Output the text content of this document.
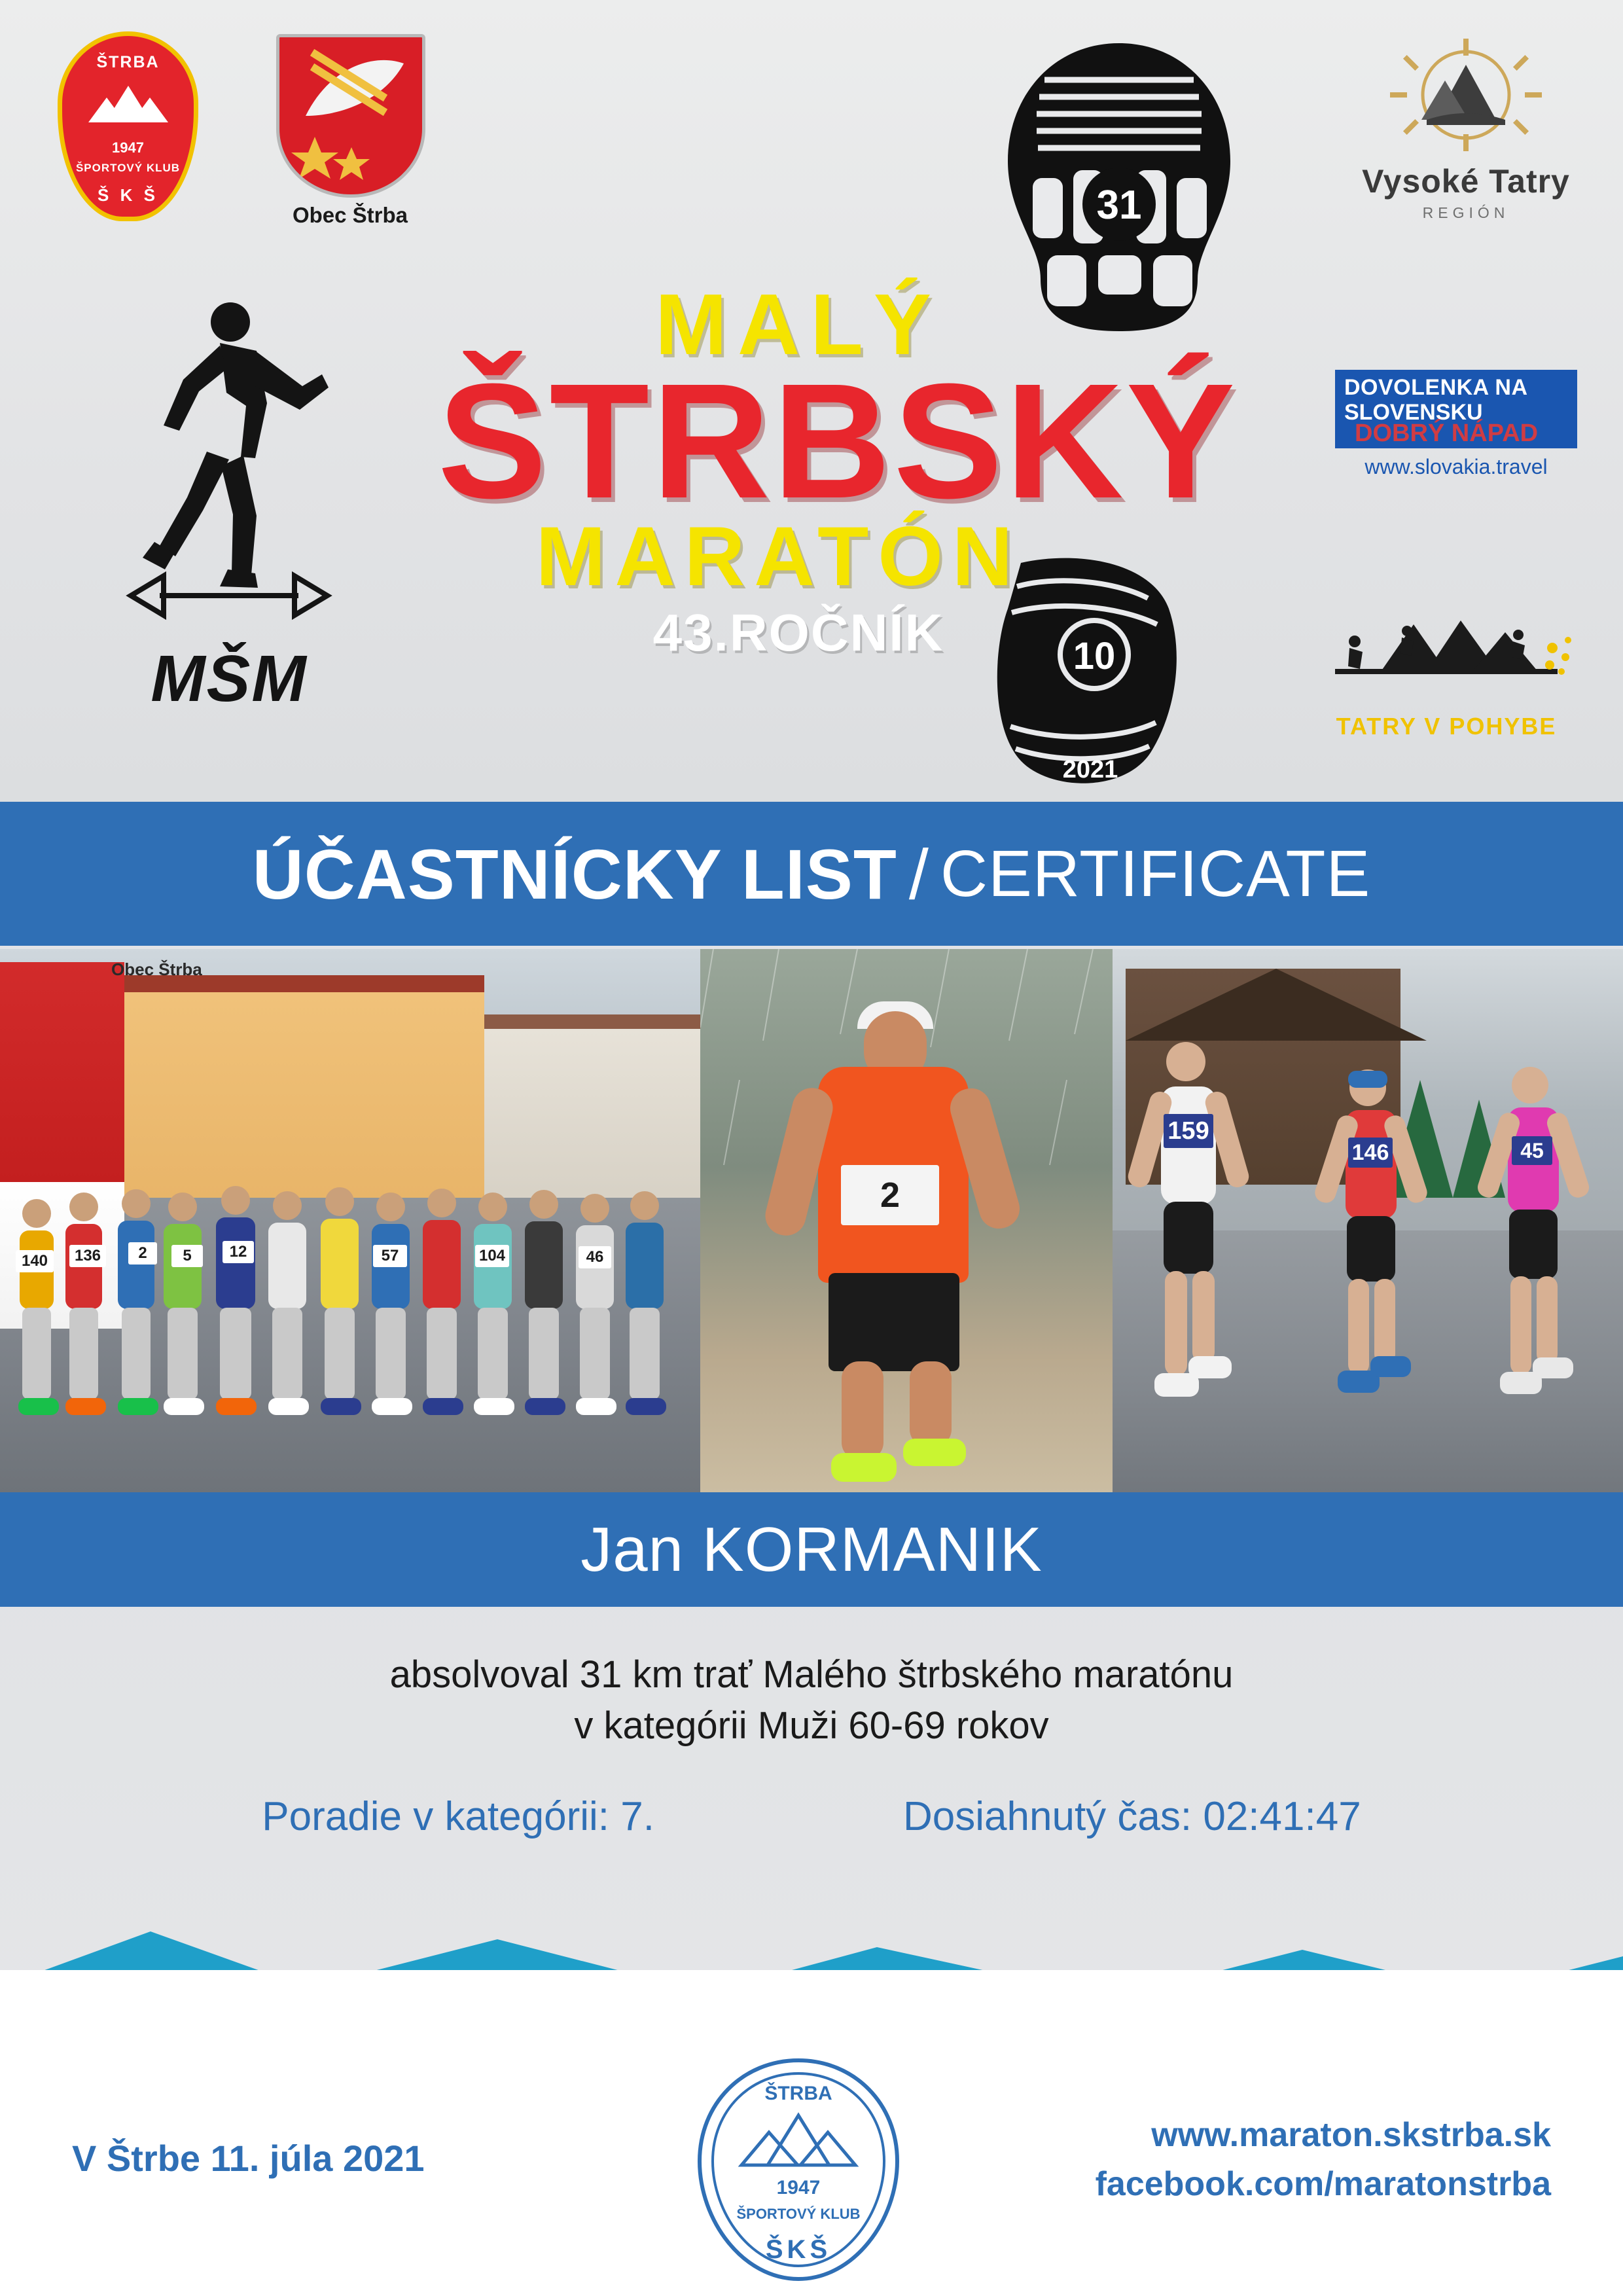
ŠTRBA
1947
ŠPORTOVÝ KLUB
Š K Š
Obec Štrba
Vysoké Tatry
REGIÓN
MŠM
31
10
2021
DOVOLENKA NA
SLOVENSKU
DOBRÝ NÁPAD
www.slovakia.travel
TATRY V POHYBE
MALÝ
ŠTRBSKÝ
MARATÓN
43.ROČNÍK
ÚČASTNÍCKY LIST / CERTIFICATE
Obec Štrba
140	136	2	5	12	57	104	46
2
159
146	45
Jan KORMANIK
absolvoval 31 km trať Malého štrbského maratónu
v kategórii Muži 60-69 rokov
Poradie v kategórii: 7.	Dosiahnutý čas: 02:41:47
V Štrbe 11. júla 2021
ŠTRBA
1947
ŠPORTOVÝ KLUB
ŠKŠ
www.maraton.skstrba.sk
facebook.com/maratonstrba
